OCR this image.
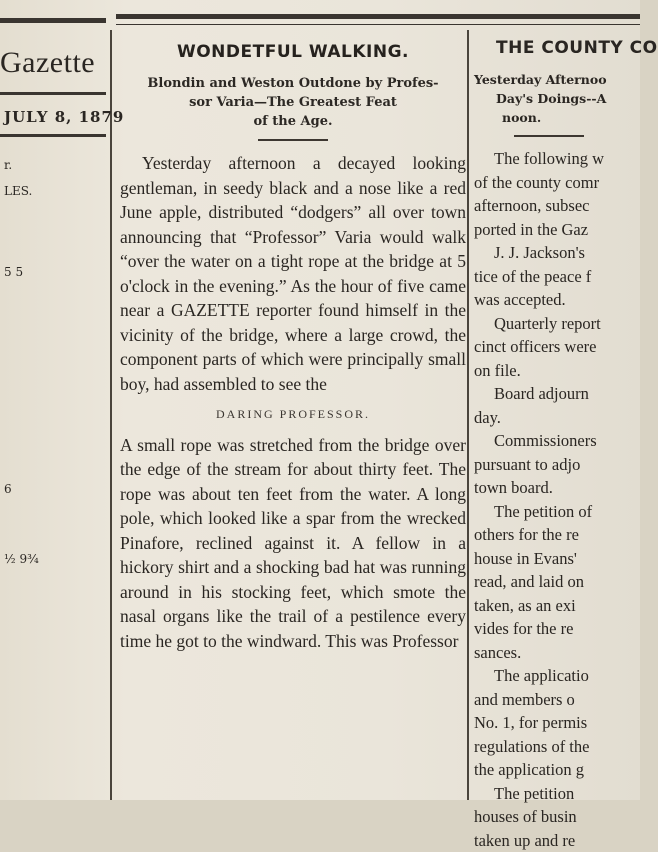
Gazette
JULY 8, 1879
r.
LES.
5 5
6
½ 9¾
WONDETFUL WALKING.
Blondin and Weston Outdone by Profes-
sor Varia—The Greatest Feat
of the Age.

Yesterday afternoon a decayed looking gentleman, in seedy black and a nose like a red June apple, distributed “dodgers” all over town announcing that “Professor” Varia would walk “over the water on a tight rope at the bridge at 5 o'clock in the evening.” As the hour of five came near a GAZETTE reporter found himself in the vicinity of the bridge, where a large crowd, the component parts of which were principally small boy, had assembled to see the

DARING PROFESSOR.

A small rope was stretched from the bridge over the edge of the stream for about thirty feet. The rope was about ten feet from the water. A long pole, which looked like a spar from the wrecked Pinafore, reclined against it. A fellow in a hickory shirt and a shocking bad hat was running around in his stocking feet, which smote the nasal organs like the trail of a pestilence every time he got to the windward. This was Professor

THE COUNTY CO
Yesterday Afternoo
Day's Doings--A
noon.
The following w
of the county comr
afternoon, subsec
ported in the Gaz
J. J. Jackson's
tice of the peace f
was accepted.
Quarterly report
cinct officers were
on file.
Board adjourn
day.
Commissioners
pursuant to adjo
town board.
The petition of
others for the re
house in Evans'
read, and laid on
taken, as an exi
vides for the re
sances.
The applicatio
and members o
No. 1, for permis
regulations of the
the application g
The petition
houses of busin
taken up and re
